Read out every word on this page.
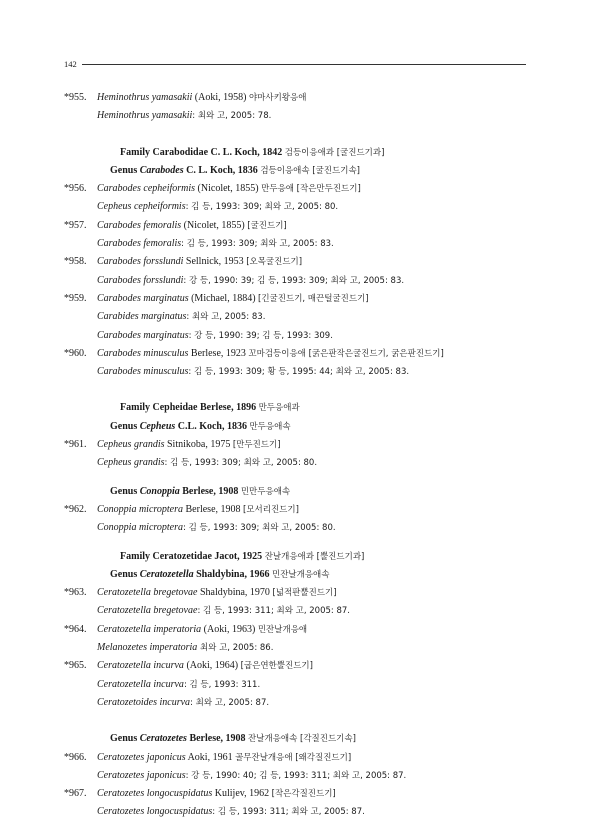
142
*955. Heminothrus yamasakii (Aoki, 1958) 야마사키왕응애
Heminothrus yamasakii: 최와 고, 2005: 78.
Family Carabodidae C. L. Koch, 1842 검등이응애과 [굴진드기과]
Genus Carabodes C. L. Koch, 1836 검등이응애속 [굴진드기속]
*956. Carabodes cepheiformis (Nicolet, 1855) 만두응애 [작은만두진드기]
Cepheus cepheiformis: 김 등, 1993: 309; 최와 고, 2005: 80.
*957. Carabodes femoralis (Nicolet, 1855) [굴진드기]
Carabodes femoralis: 김 등, 1993: 309; 최와 고, 2005: 83.
*958. Carabodes forsslundi Sellnick, 1953 [오목굴진드기]
Carabodes forsslundi: 강 등, 1990: 39; 김 등, 1993: 309; 최와 고, 2005: 83.
*959. Carabodes marginatus (Michael, 1884) [긴굴진드기, 매끈털굴진드기]
Carabides marginatus: 최와 고, 2005: 83.
Carabodes marginatus: 강 등, 1990: 39; 김 등, 1993: 309.
*960. Carabodes minusculus Berlese, 1923 꼬마검등이응애 [굵은판작은굴진드기, 굵은판진드기]
Carabodes minusculus: 김 등, 1993: 309; 황 등, 1995: 44; 최와 고, 2005: 83.
Family Cepheidae Berlese, 1896 만두응애과
Genus Cepheus C.L. Koch, 1836 만두응애속
*961. Cepheus grandis Sitnikoba, 1975 [만두진드기]
Cepheus grandis: 김 등, 1993: 309; 최와 고, 2005: 80.
Genus Conoppia Berlese, 1908 민만두응애속
*962. Conoppia microptera Berlese, 1908 [모서리진드기]
Conoppia microptera: 김 등, 1993: 309; 최와 고, 2005: 80.
Family Ceratozetidae Jacot, 1925 잔날개응애과 [뿔진드기과]
Genus Ceratozetella Shaldybina, 1966 민잔날개응애속
*963. Ceratozetella bregetovae Shaldybina, 1970 [넓적판뿔진드기]
Ceratozetella bregetovae: 김 등, 1993: 311; 최와 고, 2005: 87.
*964. Ceratozetella imperatoria (Aoki, 1963) 민잔날개응애
Melanozetes imperatoria 최와 고, 2005: 86.
*965. Ceratozetella incurva (Aoki, 1964) [굽은연한뿔진드기]
Ceratozetella incurva: 김 등, 1993: 311.
Ceratozetoides incurva: 최와 고, 2005: 87.
Genus Ceratozetes Berlese, 1908 잔날개응애속 [각질진드기속]
*966. Ceratozetes japonicus Aoki, 1961 골무잔날개응애 [왜각질진드기]
Ceratozetes japonicus: 강 등, 1990: 40; 김 등, 1993: 311; 최와 고, 2005: 87.
*967. Ceratozetes longocuspidatus Kulijev, 1962 [작은각질진드기]
Ceratozetes longocuspidatus: 김 등, 1993: 311; 최와 고, 2005: 87.
